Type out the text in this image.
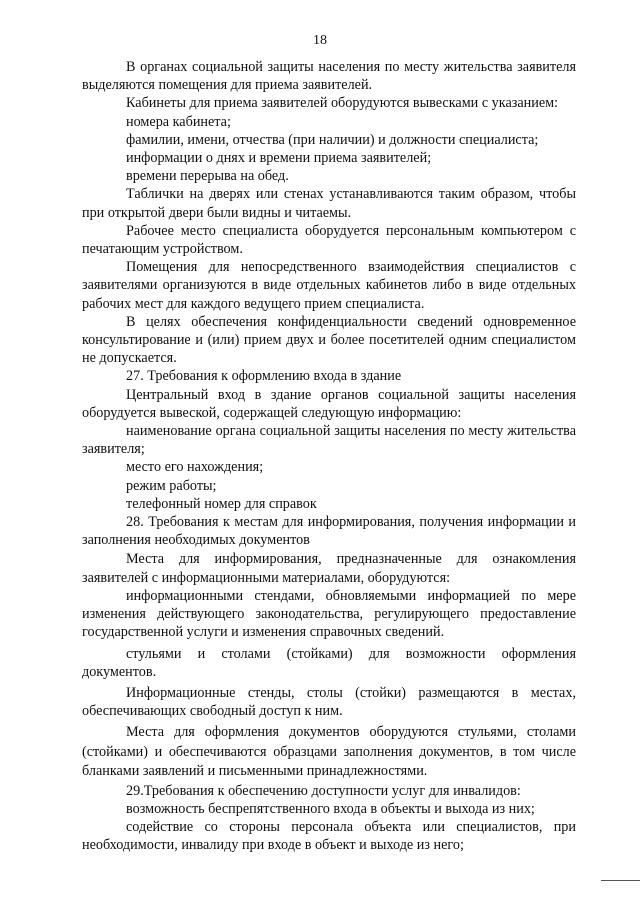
18

В органах социальной защиты населения по месту жительства заявителя выделяются помещения для приема заявителей.

Кабинеты для приема заявителей оборудуются вывесками с указанием:

номера кабинета;

фамилии, имени, отчества (при наличии) и должности специалиста;

информации о днях и времени приема заявителей;

времени перерыва на обед.

Таблички на дверях или стенах устанавливаются таким образом, чтобы при открытой двери были видны и читаемы.

Рабочее место специалиста оборудуется персональным компьютером с печатающим устройством.

Помещения для непосредственного взаимодействия специалистов с заявителями организуются в виде отдельных кабинетов либо в виде отдельных рабочих мест для каждого ведущего прием специалиста.

В целях обеспечения конфиденциальности сведений одновременное консультирование и (или) прием двух и более посетителей одним специалистом не допускается.

27. Требования к оформлению входа в здание

Центральный вход в здание органов социальной защиты населения оборудуется вывеской, содержащей следующую информацию:

наименование органа социальной защиты населения по месту жительства заявителя;

место его нахождения;

режим работы;

телефонный номер для справок

28. Требования к местам для информирования, получения информации и заполнения необходимых документов

Места для информирования, предназначенные для ознакомления заявителей с информационными материалами, оборудуются:

информационными стендами, обновляемыми информацией по мере изменения действующего законодательства, регулирующего предоставление государственной услуги и изменения справочных сведений.

стульями и столами (стойками) для возможности оформления документов.

Информационные стенды, столы (стойки) размещаются в местах, обеспечивающих свободный доступ к ним.

Места для оформления документов оборудуются стульями, столами (стойками) и обеспечиваются образцами заполнения документов, в том числе бланками заявлений и письменными принадлежностями.

29.Требования к обеспечению доступности услуг для инвалидов:

возможность беспрепятственного входа в объекты и выхода из них;

содействие со стороны персонала объекта или специалистов, при необходимости, инвалиду при входе в объект и выходе из него;
